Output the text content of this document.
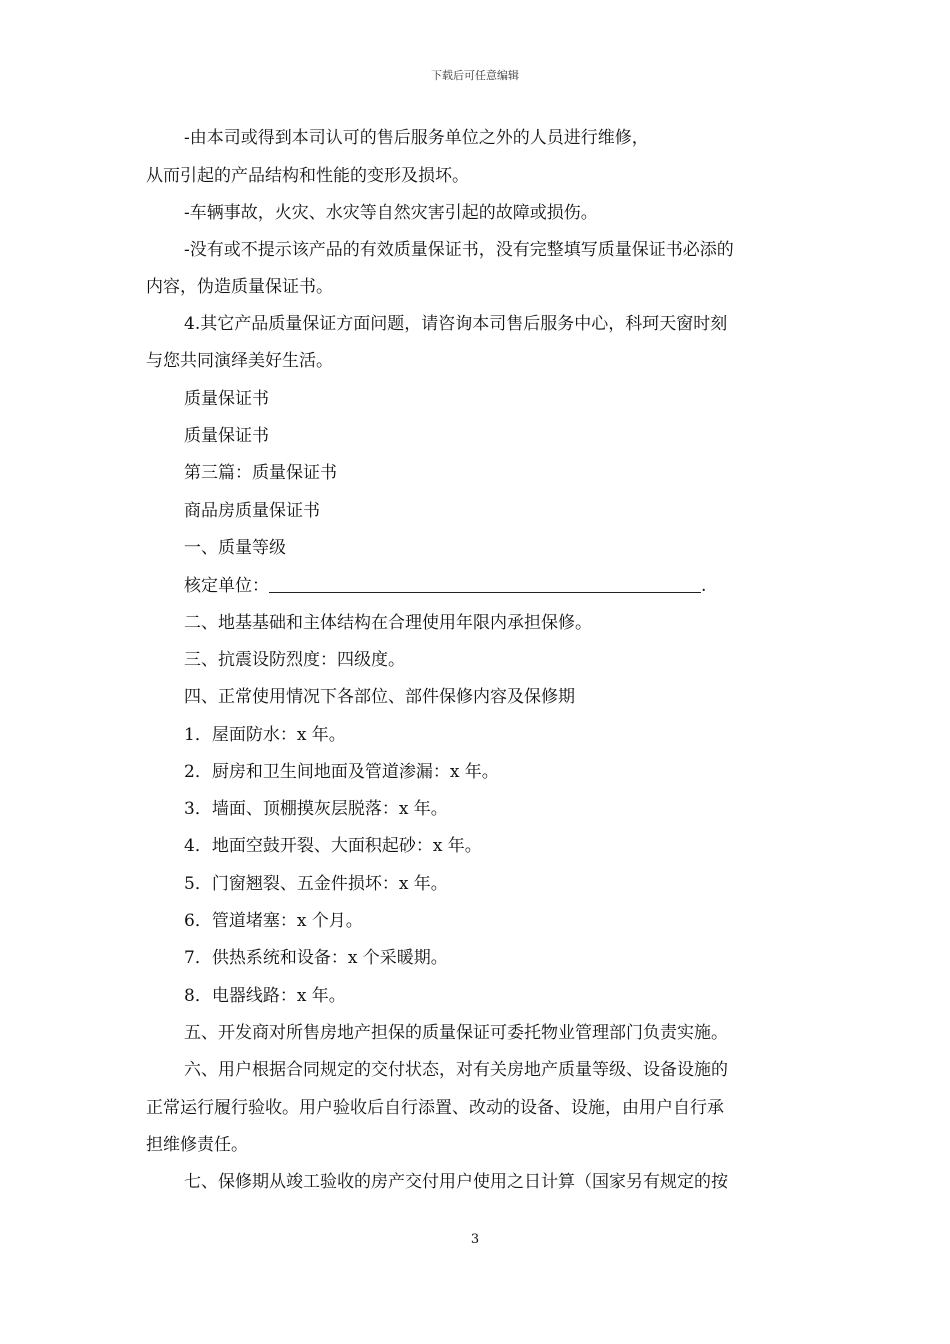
下载后可任意编辑
-由本司或得到本司认可的售后服务单位之外的人员进行维修，
从而引起的产品结构和性能的变形及损坏。
-车辆事故，火灾、水灾等自然灾害引起的故障或损伤。
-没有或不提示该产品的有效质量保证书，没有完整填写质量保证书必添的
内容，伪造质量保证书。
4.其它产品质量保证方面问题，请咨询本司售后服务中心，科珂天窗时刻
与您共同演绎美好生活。
质量保证书
质量保证书
第三篇：质量保证书
商品房质量保证书
一、质量等级
核定单位：	.
二、地基基础和主体结构在合理使用年限内承担保修。
三、抗震设防烈度：四级度。
四、正常使用情况下各部位、部件保修内容及保修期
1．屋面防水：x 年。
2．厨房和卫生间地面及管道渗漏：x 年。
3．墙面、顶棚摸灰层脱落：x 年。
4．地面空鼓开裂、大面积起砂：x 年。
5．门窗翘裂、五金件损坏：x 年。
6．管道堵塞：x 个月。
7．供热系统和设备：x 个采暖期。
8．电器线路：x 年。
五、开发商对所售房地产担保的质量保证可委托物业管理部门负责实施。
六、用户根据合同规定的交付状态，对有关房地产质量等级、设备设施的
正常运行履行验收。用户验收后自行添置、改动的设备、设施，由用户自行承
担维修责任。
七、保修期从竣工验收的房产交付用户使用之日计算（国家另有规定的按
3
